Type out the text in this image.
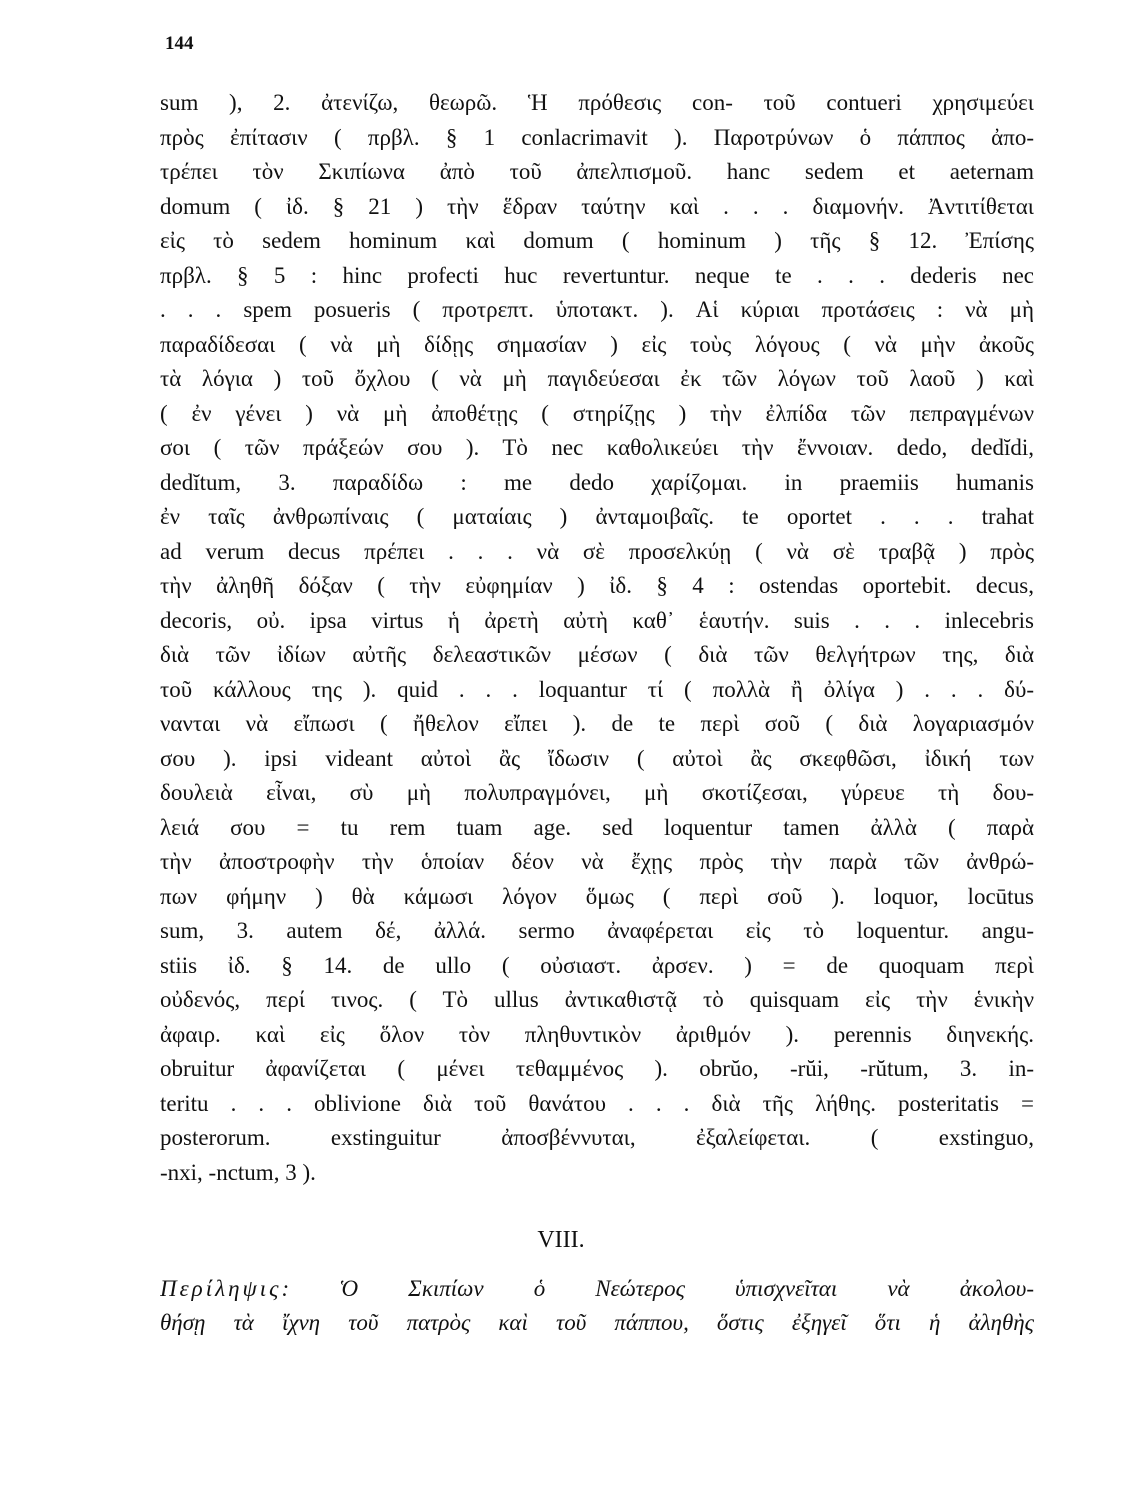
144
sum ), 2. ἀτενίζω, θεωρῶ. Ἡ πρόθεσις con- τοῦ contueri χρησιμεύει
πρὸς ἐπίτασιν ( πρβλ. § 1 conlacrimavit ). Παροτρύνων ὁ πάππος ἀπο-
τρέπει τὸν Σκιπίωνα ἀπὸ τοῦ ἀπελπισμοῦ. hanc sedem et aeternam
domum ( ἰδ. § 21 ) τὴν ἕδραν ταύτην καὶ . . . διαμονήν. Ἀντιτίθεται
εἰς τὸ sedem hominum καὶ domum ( hominum ) τῆς § 12. Ἐπίσης
πρβλ. § 5 : hinc profecti huc revertuntur. neque te . . . dederis nec
. . . spem posueris ( προτρεπτ. ὑποτακτ. ). Αἱ κύριαι προτάσεις : νὰ μὴ
παραδίδεσαι ( νὰ μὴ δίδῃς σημασίαν ) εἰς τοὺς λόγους ( νὰ μὴν ἀκοῦς
τὰ λόγια ) τοῦ ὄχλου ( νὰ μὴ παγιδεύεσαι ἐκ τῶν λόγων τοῦ λαοῦ ) καὶ
( ἐν γένει ) νὰ μὴ ἀποθέτῃς ( στηρίζῃς ) τὴν ἐλπίδα τῶν πεπραγμένων
σοι ( τῶν πράξεών σου ). Τὸ nec καθολικεύει τὴν ἔννοιαν. dedo, dedĭdi,
dedĭtum, 3. παραδίδω : me dedo χαρίζομαι. in praemiis humanis
ἐν ταῖς ἀνθρωπίναις ( ματαίαις ) ἀνταμοιβαῖς. te oportet . . . trahat
ad verum decus πρέπει . . . νὰ σὲ προσελκύῃ ( νὰ σὲ τραβᾷ ) πρὸς
τὴν ἀληθῆ δόξαν ( τὴν εὐφημίαν ) ἰδ. § 4 : ostendas oportebit. decus,
decoris, οὐ. ipsa virtus ἡ ἀρετὴ αὐτὴ καθ᾽ ἑαυτήν. suis . . . inlecebris
διὰ τῶν ἰδίων αὐτῆς δελεαστικῶν μέσων ( διὰ τῶν θελγήτρων της, διὰ
τοῦ κάλλους της ). quid . . . loquantur τί ( πολλὰ ἢ ὀλίγα ) . . . δύ-
νανται νὰ εἴπωσι ( ἤθελον εἴπει ). de te περὶ σοῦ ( διὰ λογαριασμόν
σου ). ipsi videant αὐτοὶ ἂς ἴδωσιν ( αὐτοὶ ἂς σκεφθῶσι, ἰδική των
δουλειὰ εἶναι, σὺ μὴ πολυπραγμόνει, μὴ σκοτίζεσαι, γύρευε τὴ δου-
λειά σου = tu rem tuam age. sed loquentur tamen ἀλλὰ ( παρὰ
τὴν ἀποστροφὴν τὴν ὁποίαν δέον νὰ ἔχῃς πρὸς τὴν παρὰ τῶν ἀνθρώ-
πων φήμην ) θὰ κάμωσι λόγον ὅμως ( περὶ σοῦ ). loquor, locūtus
sum, 3. autem δέ, ἀλλά. sermo ἀναφέρεται εἰς τὸ loquentur. angu-
stiis ἰδ. § 14. de ullo ( οὐσιαστ. ἀρσεν. ) = de quoquam περὶ
οὐδενός, περί τινος. ( Τὸ ullus ἀντικαθιστᾷ τὸ quisquam εἰς τὴν ἑνικὴν
ἀφαιρ. καὶ εἰς ὅλον τὸν πληθυντικὸν ἀριθμόν ). perennis διηνεκής.
obruitur ἀφανίζεται ( μένει τεθαμμένος ). obrŭo, -rŭi, -rŭtum, 3. in-
teritu . . . oblivione διὰ τοῦ θανάτου . . . διὰ τῆς λήθης. posteritatis =
posterorum. exstinguitur ἀποσβέννυται, ἐξαλείφεται. ( exstinguo,
-nxi, -nctum, 3 ).
VIII.
Περίληψις: Ὁ Σκιπίων ὁ Νεώτερος ὑπισχνεῖται νὰ ἀκολου-
θήσῃ τὰ ἴχνη τοῦ πατρὸς καὶ τοῦ πάππου, ὅστις ἐξηγεῖ ὅτι ἡ ἀληθὴς
